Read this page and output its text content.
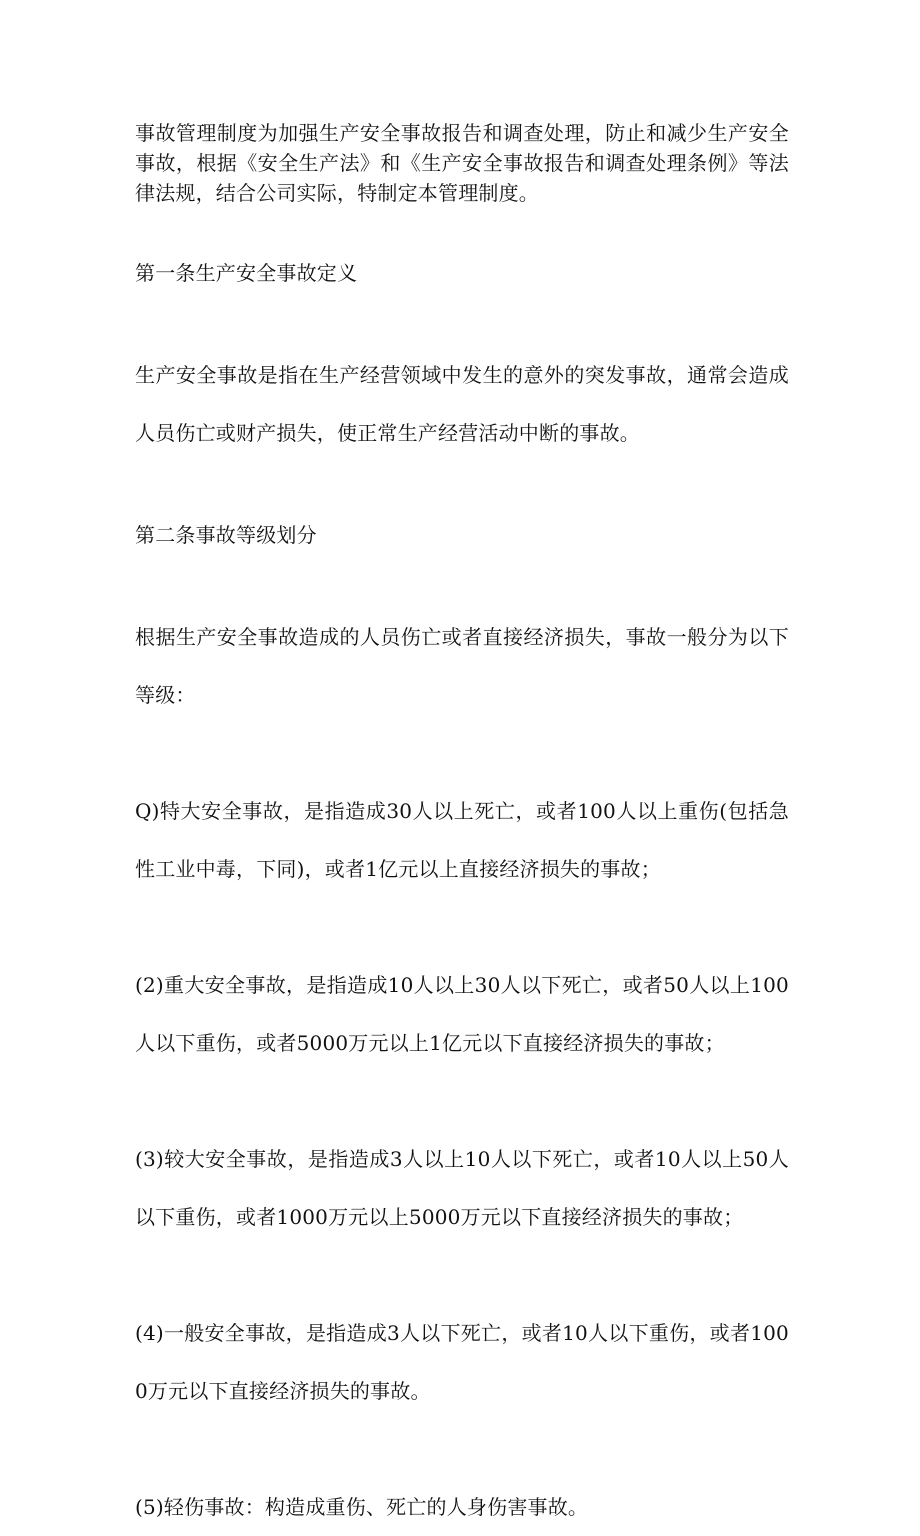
事故管理制度为加强生产安全事故报告和调查处理，防止和减少生产安全事故，根据《安全生产法》和《生产安全事故报告和调查处理条例》等法律法规，结合公司实际，特制定本管理制度。

第一条生产安全事故定义

生产安全事故是指在生产经营领域中发生的意外的突发事故，通常会造成人员伤亡或财产损失，使正常生产经营活动中断的事故。

第二条事故等级划分

根据生产安全事故造成的人员伤亡或者直接经济损失，事故一般分为以下等级：

Q)特大安全事故，是指造成30人以上死亡，或者100人以上重伤(包括急性工业中毒，下同)，或者1亿元以上直接经济损失的事故；

(2)重大安全事故，是指造成10人以上30人以下死亡，或者50人以上100人以下重伤，或者5000万元以上1亿元以下直接经济损失的事故；

(3)较大安全事故，是指造成3人以上10人以下死亡，或者10人以上50人以下重伤，或者1000万元以上5000万元以下直接经济损失的事故；

(4)一般安全事故，是指造成3人以下死亡，或者10人以下重伤，或者1000万元以下直接经济损失的事故。

(5)轻伤事故：构造成重伤、死亡的人身伤害事故。
